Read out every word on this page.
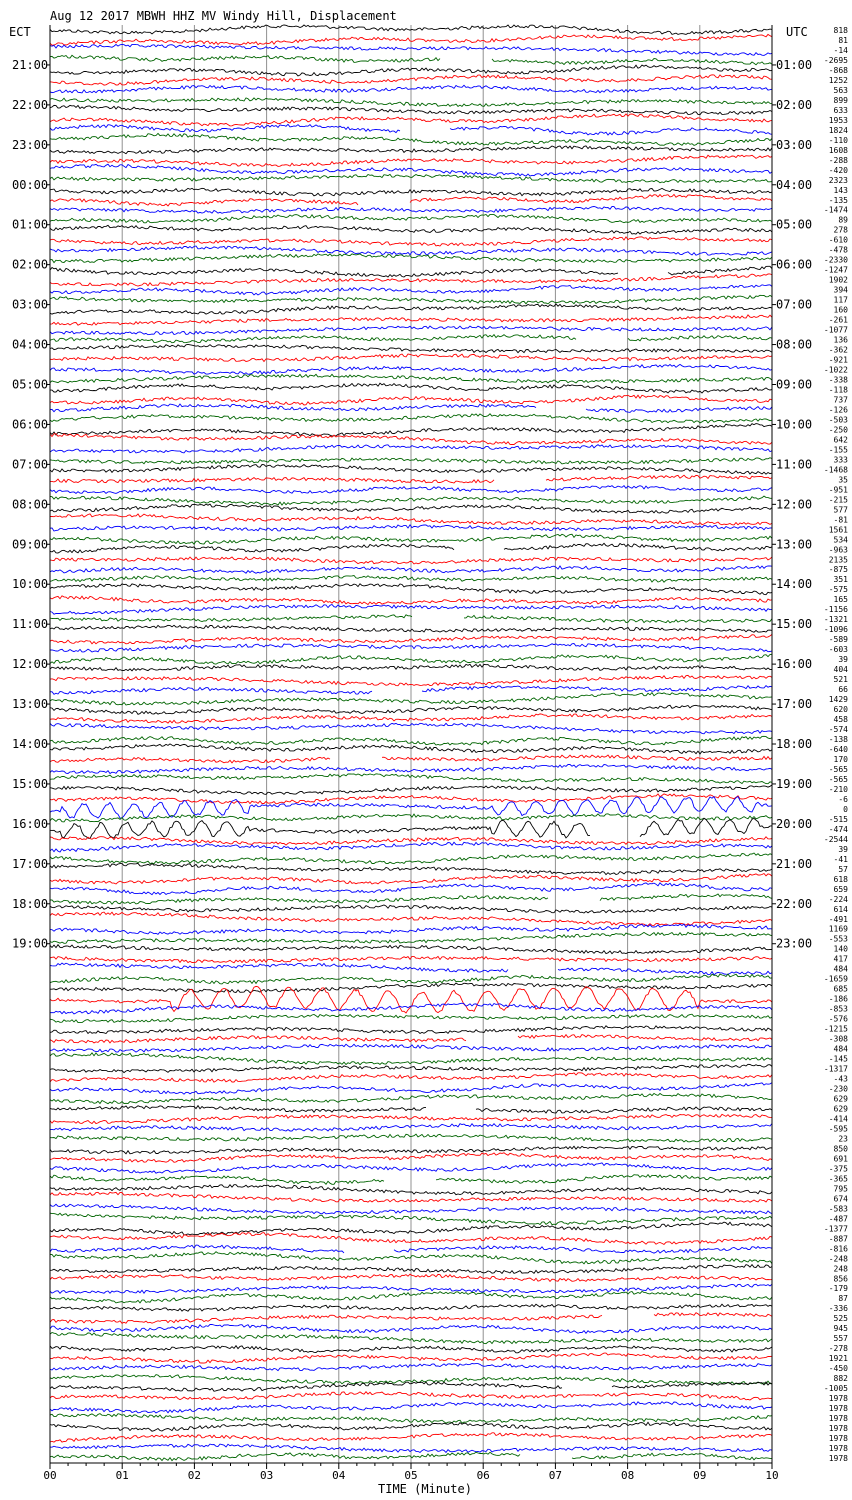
Aug 12 2017 MBWH HHZ MV Windy Hill, Displacement
ECT	UTC
00	01	02	03	04	05	06	07	08	09	10
21:00
22:00
23:00
00:00
01:00
02:00
03:00
04:00
05:00
06:00
07:00
08:00
09:00
10:00
11:00
12:00
13:00
14:00
15:00
16:00
17:00
18:00
19:00
01:00
02:00
03:00
04:00
05:00
06:00
07:00
08:00
09:00
10:00
11:00
12:00
13:00
14:00
15:00
16:00
17:00
18:00
19:00
20:00
21:00
22:00
23:00
818
81
-14
-2695
-868
1252
563
899
633
1953
1824
-110
1608
-288
-420
2323
143
-135
-1474
89
278
-610
-478
-2330
-1247
1902
394
117
160
-261
-1077
136
-362
-921
-1022
-338
-118
737
-126
-503
-250
642
-155
333
-1468
35
-951
-215
577
-81
1561
534
-963
2135
-875
351
-575
165
-1156
-1321
-1096
-589
-603
39
404
521
66
1429
620
458
-574
-138
-640
170
-565
-565
-210
-6
0
-515
-474
-2544
39
-41
57
618
659
-224
614
-491
1169
-553
140
417
484
-1659
685
-186
-853
-576
-1215
-308
484
-145
-1317
-43
-230
629
629
-414
-595
23
850
691
-375
-365
795
674
-583
-487
-1377
-887
-816
-248
248
856
-179
87
-336
525
945
557
-278
1921
-450
882
-1005
1978
1978
1978
1978
1978
1978
1978
TIME (Minute)
